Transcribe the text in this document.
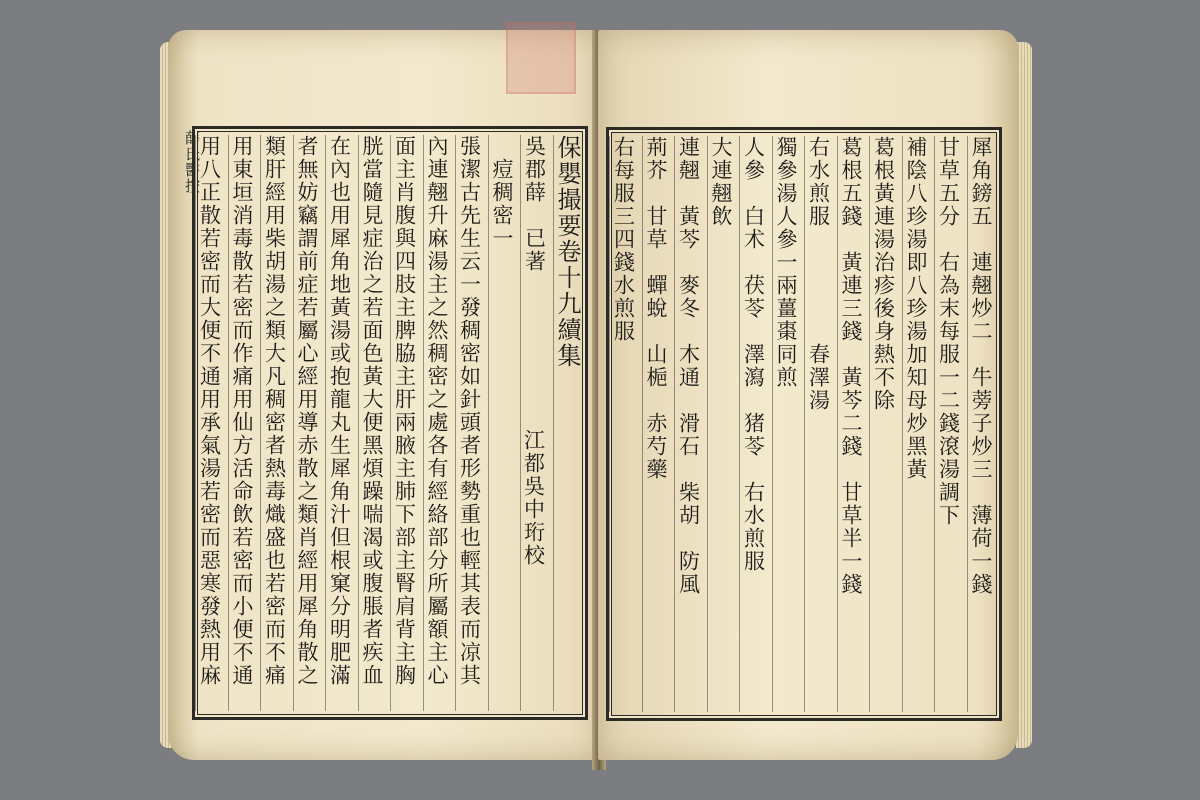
薛氏醫按	保嬰撮要卷十九續集
吳郡薛　已著
　痘稠密一
張潔古先生云一發稠密如針頭者形勢重也輕其表而凉其
內連翹升麻湯主之然稠密之處各有經絡部分所屬額主心
面主肖腹與四肢主脾脇主肝兩腋主肺下部主腎肩背主胸
胱當隨見症治之若面色黃大便黑煩躁喘渴或腹脹者疾血
在內也用犀角地黃湯或抱龍丸生犀角汁但根窠分明肥滿
者無妨竊謂前症若屬心經用導赤散之類肖經用犀角散之
類肝經用柴胡湯之類大凡稠密者熱毒熾盛也若密而不痛
用東垣消毒散若密而作痛用仙方活命飲若密而小便不通
用八正散若密而大便不通用承氣湯若密而惡寒發熱用麻	江都吳中珩校	犀角鎊五　連翹炒二　牛蒡子炒三　薄荷一錢
甘草五分　右為末每服一二錢滾湯調下
補陰八珍湯即八珍湯加知母炒黑黃
葛根黃連湯治疹後身熱不除
葛根五錢　黃連三錢　黃芩二錢　甘草半一錢
右水煎服　　　　　春澤湯
獨參湯人參一兩薑棗同煎
人參　白术　茯苓　澤瀉　猪苓　右水煎服
大連翹飲
連翹　黃芩　麥冬　木通　滑石　柴胡　防風
荊芥　甘草　蟬蛻　山梔　赤芍藥
右每服三四錢水煎服
